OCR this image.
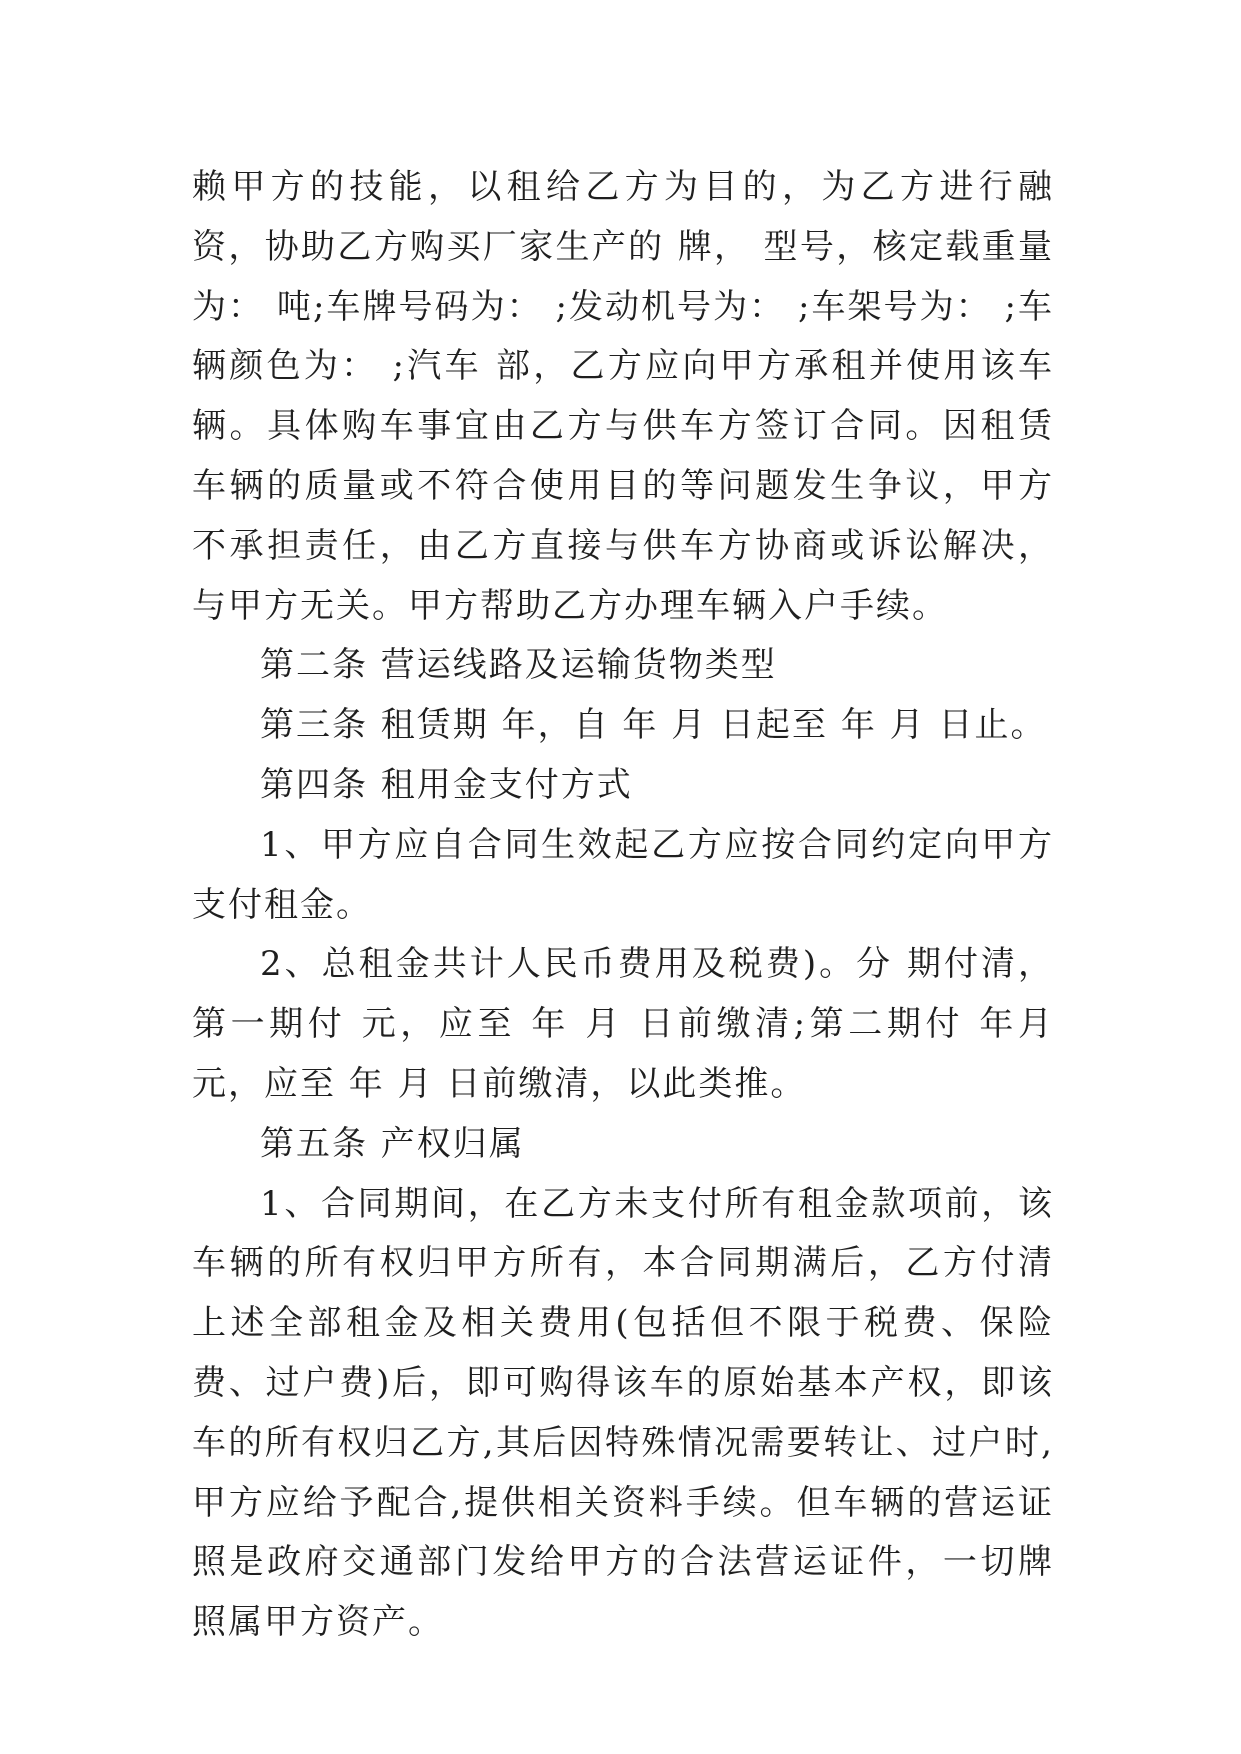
赖甲方的技能，以租给乙方为目的，为乙方进行融资，协助乙方购买厂家生产的 牌， 型号，核定载重量为： 吨;车牌号码为： ;发动机号为： ;车架号为： ;车辆颜色为： ;汽车 部，乙方应向甲方承租并使用该车辆。具体购车事宜由乙方与供车方签订合同。因租赁车辆的质量或不符合使用目的等问题发生争议，甲方不承担责任，由乙方直接与供车方协商或诉讼解决，与甲方无关。甲方帮助乙方办理车辆入户手续。

第二条 营运线路及运输货物类型

第三条 租赁期 年，自 年 月 日起至 年 月 日止。

第四条 租用金支付方式

1、甲方应自合同生效起乙方应按合同约定向甲方支付租金。

2、总租金共计人民币费用及税费)。分 期付清，第一期付 元，应至 年 月 日前缴清;第二期付 年月 元，应至 年 月 日前缴清，以此类推。

第五条 产权归属

1、合同期间，在乙方未支付所有租金款项前，该车辆的所有权归甲方所有，本合同期满后，乙方付清上述全部租金及相关费用(包括但不限于税费、保险费、过户费)后，即可购得该车的原始基本产权，即该车的所有权归乙方,其后因特殊情况需要转让、过户时,甲方应给予配合,提供相关资料手续。但车辆的营运证照是政府交通部门发给甲方的合法营运证件，一切牌照属甲方资产。
